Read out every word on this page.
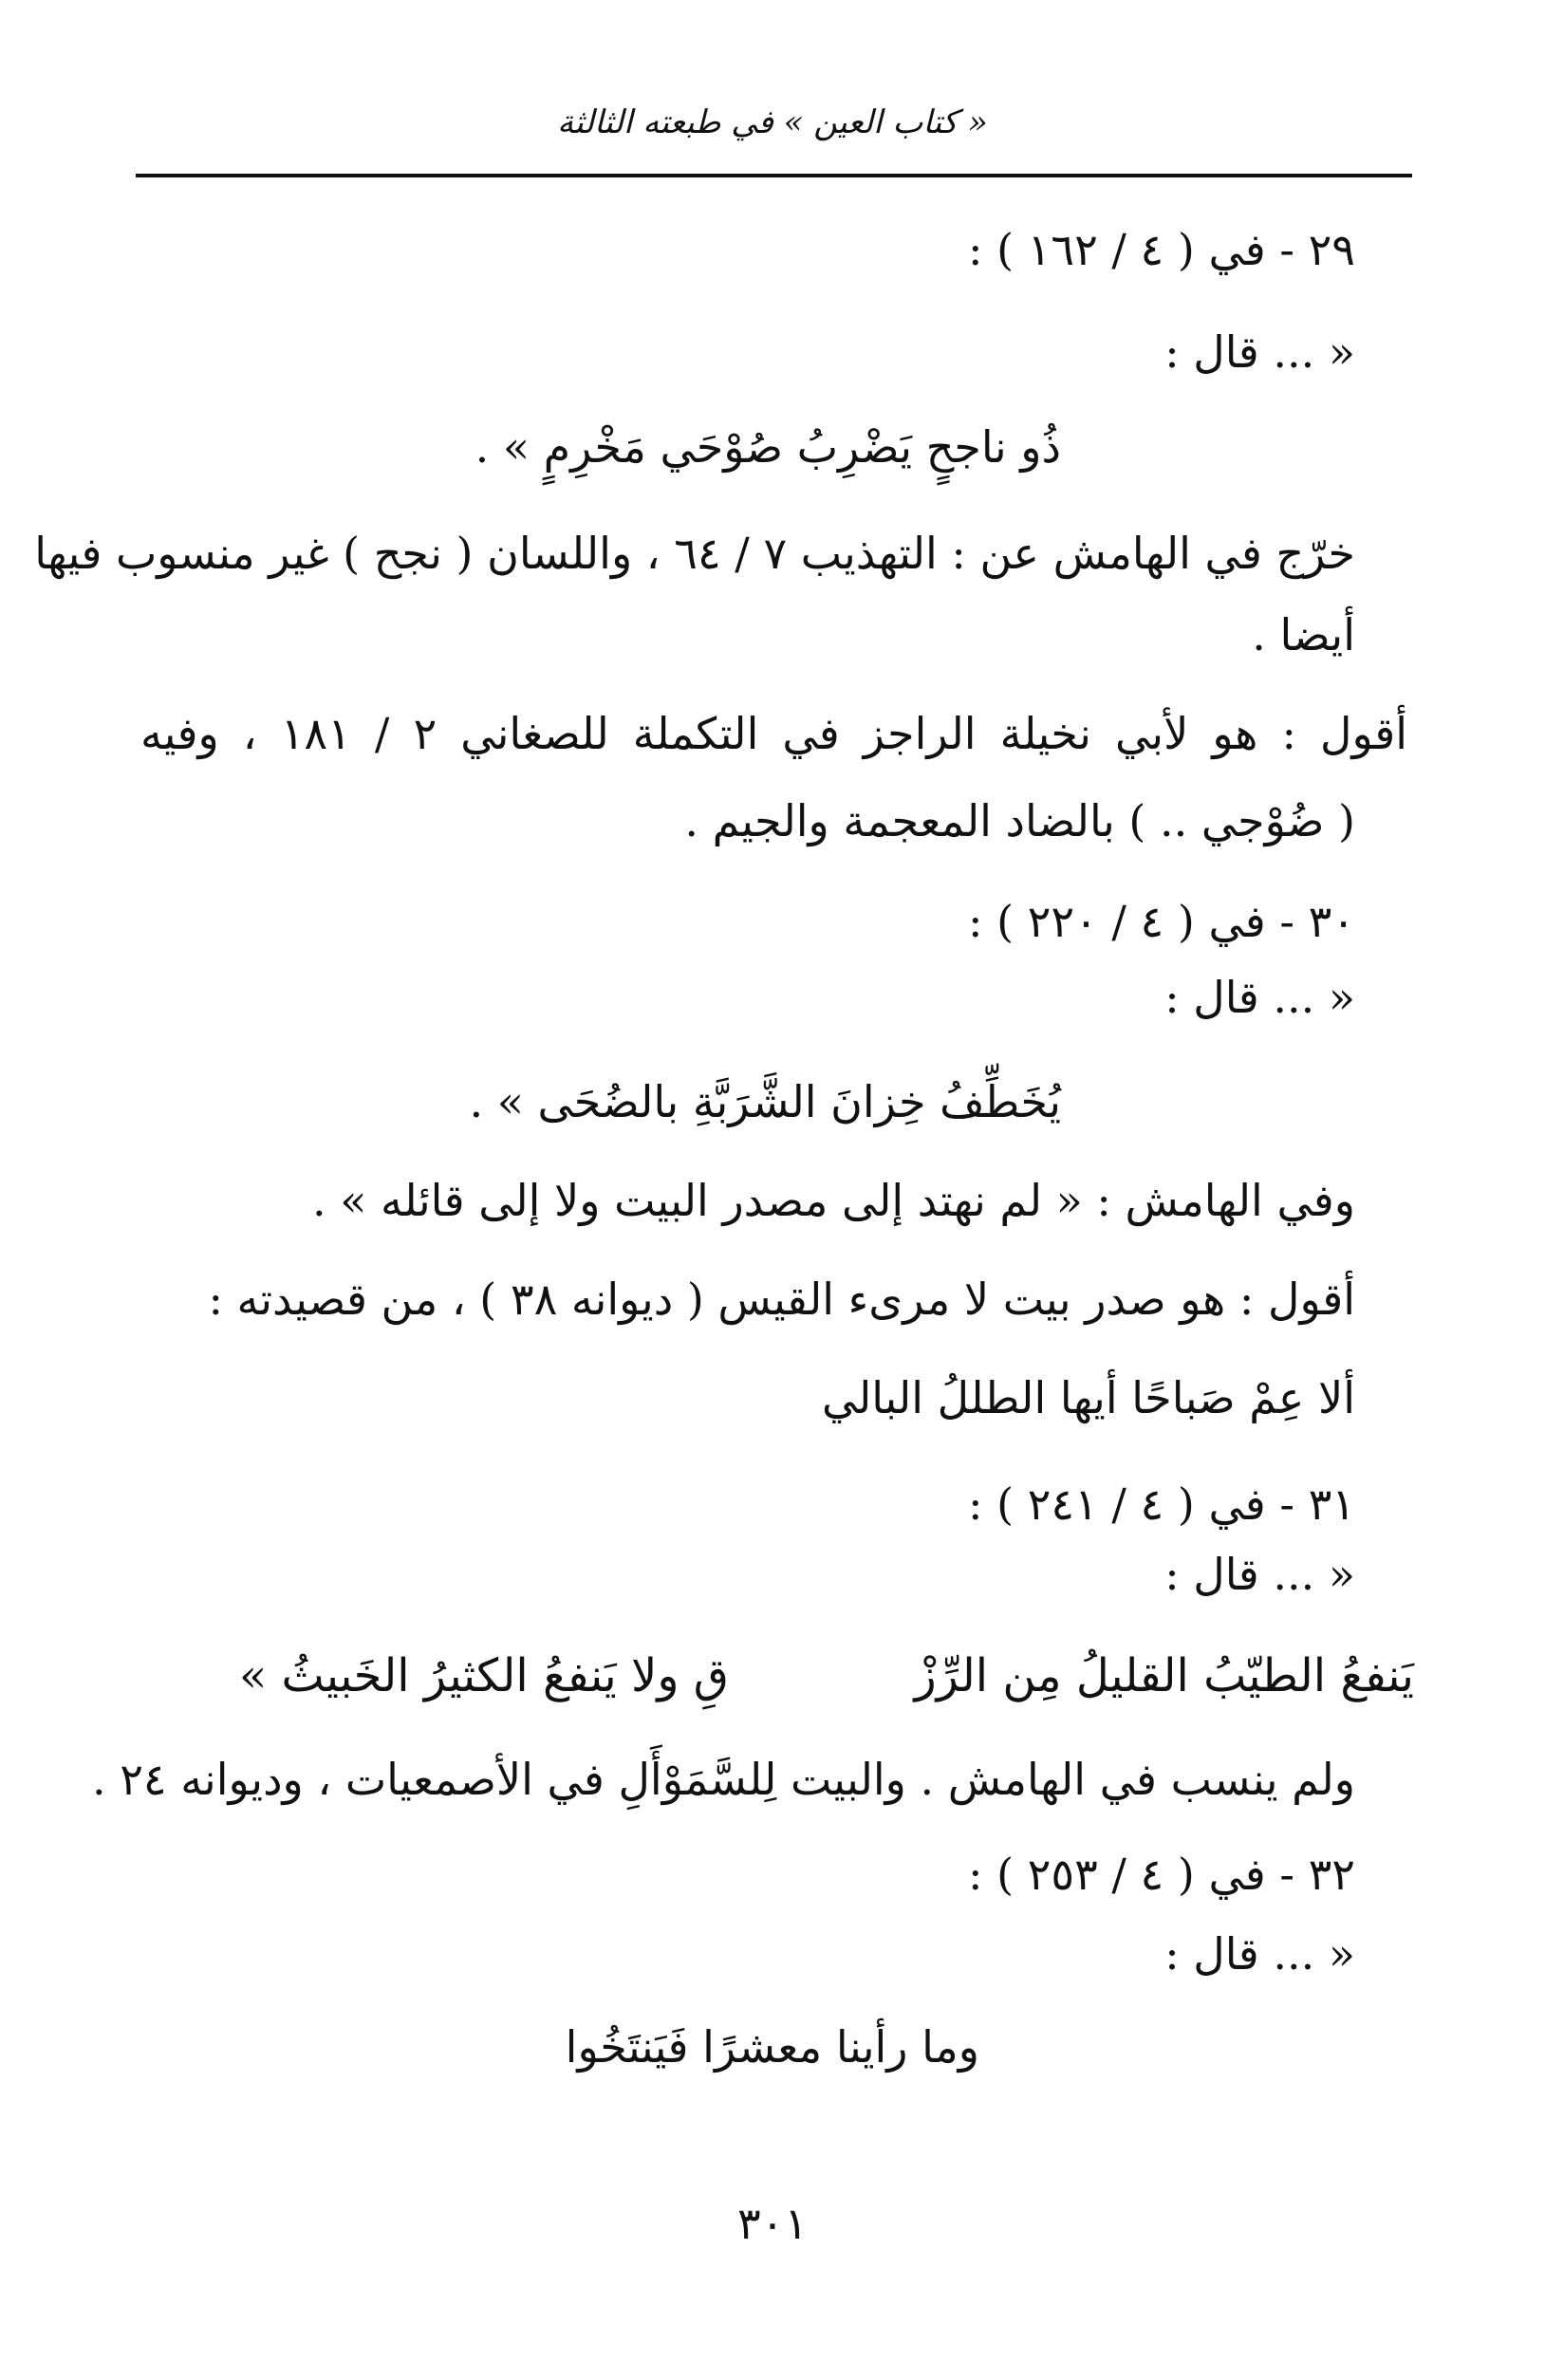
« كتاب العين » في طبعته الثالثة
٢٩ - في ( ٤ / ١٦٢ ) :
« ... قال :
ذُو ناجحٍ يَضْرِبُ صُوْحَي مَخْرِمٍ » .
خرّج في الهامش عن : التهذيب ٧ / ٦٤ ، واللسان ( نجح ) غير منسوب فيها
أيضا .
أقول : هو لأبي نخيلة الراجز في التكملة للصغاني ٢ / ١٨١ ، وفيه
( ضُوْجي .. ) بالضاد المعجمة والجيم .
٣٠ - في ( ٤ / ٢٢٠ ) :
« ... قال :
يُخَطِّفُ خِزانَ الشَّرَبَّةِ بالضُحَى » .
وفي الهامش : « لم نهتد إلى مصدر البيت ولا إلى قائله » .
أقول : هو صدر بيت لا مرىء القيس ( ديوانه ٣٨ ) ، من قصيدته :
ألا عِمْ صَباحًا أيها الطللُ البالي
٣١ - في ( ٤ / ٢٤١ ) :
« ... قال :
يَنفعُ الطيّبُ القليلُ مِن الرِّزْ
قِ ولا يَنفعُ الكثيرُ الخَبيثُ »
ولم ينسب في الهامش . والبيت لِلسَّمَوْأَلِ في الأصمعيات ، وديوانه ٢٤ .
٣٢ - في ( ٤ / ٢٥٣ ) :
« ... قال :
وما رأينا معشرًا فَيَنتَخُوا
٣٠١
